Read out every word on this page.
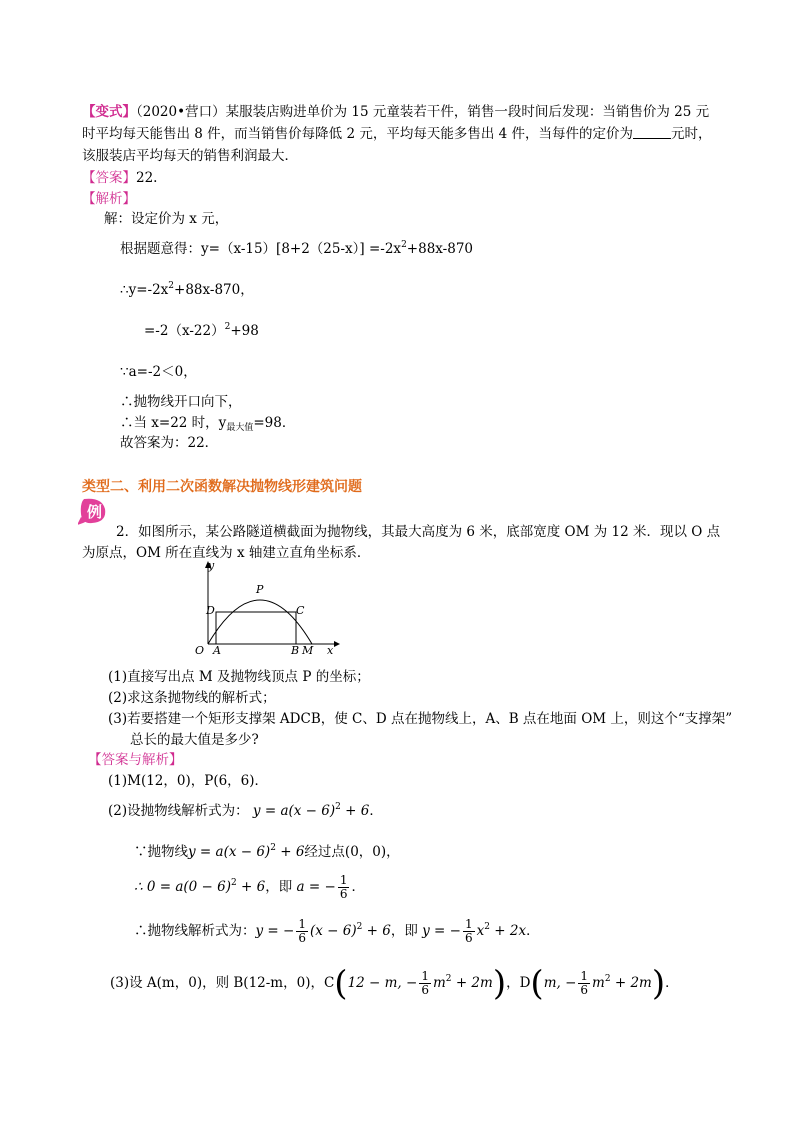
【变式】（2020•营口）某服装店购进单价为 15 元童装若干件，销售一段时间后发现：当销售价为 25 元
时平均每天能售出 8 件，而当销售价每降低 2 元，平均每天能多售出 4 件，当每件的定价为	元时，
该服装店平均每天的销售利润最大．
【答案】22.
【解析】
解：设定价为 x 元，
根据题意得：$y=(x-15)[8+2(25-x)] =-2x^2+88x-870$
$\therefore y=-2x^2+88x-870$，
$=-2(x-22)^2+98$
∵a=-2＜0，
∴抛物线开口向下，
∴当 x=22 时，$y_{最大值}=98$．
故答案为：22．
类型二、利用二次函数解决抛物线形建筑问题
例
2．如图所示，某公路隧道横截面为抛物线，其最大高度为 6 米，底部宽度 OM 为 12 米．现以 O 点
为原点，OM 所在直线为 x 轴建立直角坐标系．
y
x
O A	B M
P
D	C
(1)直接写出点 M 及抛物线顶点 P 的坐标；
(2)求这条抛物线的解析式；
(3)若要搭建一个矩形支撑架 ADCB，使 C、D 点在抛物线上，A、B 点在地面 OM 上，则这个“支撑架”
总长的最大值是多少?
【答案与解析】
(1)M(12，0)，P(6，6)．
(2)设抛物线解析式为： $y = a(x - 6)^2 + 6$．
∵抛物线$y = a(x - 6)^2 + 6$经过点(0，0)，
∴ $0 = a(0 - 6)^2 + 6$，即 a = − $\frac{1}{6}$ ．
∴抛物线解析式为：y = − $\frac{1}{6} (x - 6)^2 + 6$，即 y = − $\frac{1}{6} x^2 + 2x$．
(3)设 A(m，0)，则 B(12-m，0)，C(12 − m, − $\frac{1}{6} m^2 + 2m$)，D(m, − $\frac{1}{6} m^2 + 2m$)．
